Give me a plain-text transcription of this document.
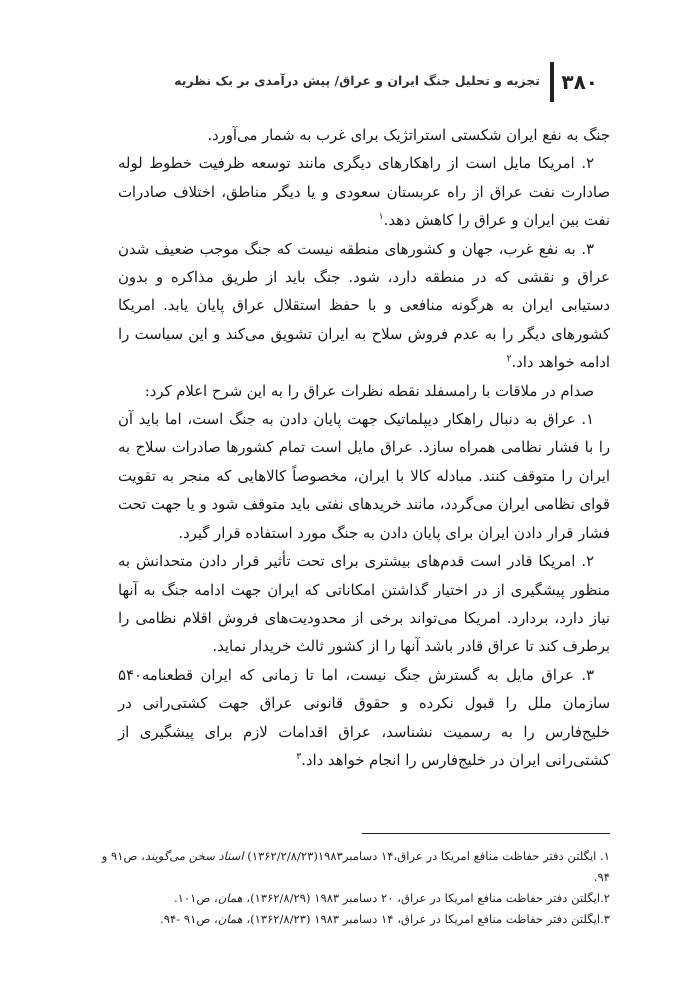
۳۸۰
تجزیه و تحلیل جنگ ایران و عراق/ پیش درآمدی بر یک نظریه

جنگ به نفع ایران شکستی استراتژیک برای غرب به شمار می‌آورد.

۲. امریکا مایل است از راهکارهای دیگری مانند توسعه ظرفیت خطوط لوله صادارت نفت عراق از راه عربستان سعودی و یا دیگر مناطق، اختلاف صادرات نفت بین ایران و عراق را کاهش دهد.$^۱$

۳. به نفع غرب، جهان و کشورهای منطقه نیست که جنگ موجب ضعیف شدن عراق و نقشی که در منطقه دارد، شود. جنگ باید از طریق مذاکره و بدون دستیابی ایران به هرگونه منافعی و با حفظ استقلال عراق پایان یابد. امریکا کشورهای دیگر را به عدم فروش سلاح به ایران تشویق می‌کند و این سیاست را ادامه خواهد داد.$^۲$

صدام در ملاقات با رامسفلد نقطه نظرات عراق را به این شرح اعلام کرد:

۱. عراق به دنبال راهکار دیپلماتیک جهت پایان دادن به جنگ است، اما باید آن را با فشار نظامی همراه سازد. عراق مایل است تمام کشورها صادرات سلاح به ایران را متوقف کنند. مبادله کالا با ایران، مخصوصاً کالاهایی که منجر به تقویت قوای نظامی ایران می‌گردد، مانند خریدهای نفتی باید متوقف شود و یا جهت تحت فشار قرار دادن ایران برای پایان دادن به جنگ مورد استفاده قرار گیرد.

۲. امریکا قادر است قدم‌های بیشتری برای تحت تأثیر قرار دادن متحدانش به منظور پیشگیری از در اختیار گذاشتن امکاناتی که ایران جهت ادامه جنگ به آنها نیاز دارد، بردارد. امریکا می‌تواند برخی از محدودیت‌های فروش اقلام نظامی را برطرف کند تا عراق قادر باشد آنها را از کشور ثالث خریدار نماید.

۳. عراق مایل به گسترش جنگ نیست، اما تا زمانی که ایران قطعنامه۵۴۰ سازمان ملل را قبول نکرده و حقوق قانونی عراق جهت کشتی‌رانی در خلیج‌فارس را به رسمیت نشناسد، عراق اقدامات لازم برای پیشگیری از کشتی‌رانی ایران در خلیج‌فارس را انجام خواهد داد.$^۳$

۱. ایگلتن دفتر حفاظت منافع امریکا در عراق،۱۴ دسامبر۱۹۸۳(۱۳۶۲/۲/۸/۲۳) اسناد سخن می‌گویند، ص۹۱ و ۹۴.

۲.ایگلتن دفتر حفاظت منافع امریکا در عراق، ۲۰ دسامبر ۱۹۸۳ (۱۳۶۲/۸/۲۹)، همان، ص۱۰۱.

۳.ایگلتن دفتر حفاظت منافع امریکا در عراق، ۱۴ دسامبر ۱۹۸۳ (۱۳۶۲/۸/۲۳)، همان، ص۹۱ -۹۴.
